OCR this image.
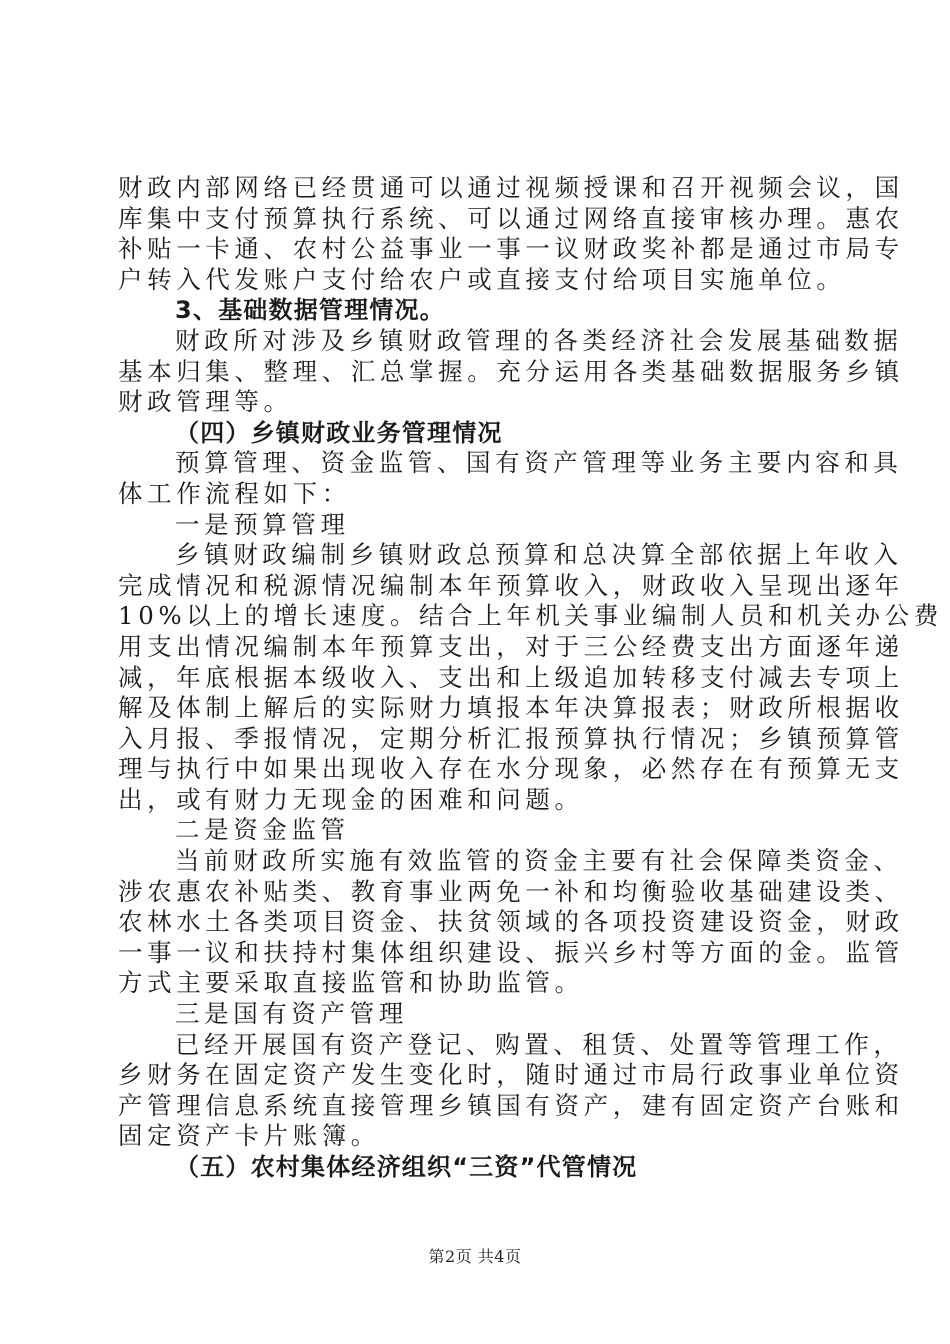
财政内部网络已经贯通可以通过视频授课和召开视频会议，国
库集中支付预算执行系统、可以通过网络直接审核办理。惠农
补贴一卡通、农村公益事业一事一议财政奖补都是通过市局专
户转入代发账户支付给农户或直接支付给项目实施单位。
3、基础数据管理情况。
财政所对涉及乡镇财政管理的各类经济社会发展基础数据
基本归集、整理、汇总掌握。充分运用各类基础数据服务乡镇
财政管理等。
（四）乡镇财政业务管理情况
预算管理、资金监管、国有资产管理等业务主要内容和具
体工作流程如下：
一是预算管理
乡镇财政编制乡镇财政总预算和总决算全部依据上年收入
完成情况和税源情况编制本年预算收入，财政收入呈现出逐年
10%以上的增长速度。结合上年机关事业编制人员和机关办公费
用支出情况编制本年预算支出，对于三公经费支出方面逐年递
减，年底根据本级收入、支出和上级追加转移支付减去专项上
解及体制上解后的实际财力填报本年决算报表；财政所根据收
入月报、季报情况，定期分析汇报预算执行情况；乡镇预算管
理与执行中如果出现收入存在水分现象，必然存在有预算无支
出，或有财力无现金的困难和问题。
二是资金监管
当前财政所实施有效监管的资金主要有社会保障类资金、
涉农惠农补贴类、教育事业两免一补和均衡验收基础建设类、
农林水土各类项目资金、扶贫领域的各项投资建设资金，财政
一事一议和扶持村集体组织建设、振兴乡村等方面的金。监管
方式主要采取直接监管和协助监管。
三是国有资产管理
已经开展国有资产登记、购置、租赁、处置等管理工作，
乡财务在固定资产发生变化时，随时通过市局行政事业单位资
产管理信息系统直接管理乡镇国有资产，建有固定资产台账和
固定资产卡片账簿。
（五）农村集体经济组织“三资”代管情况
第2页 共4页
